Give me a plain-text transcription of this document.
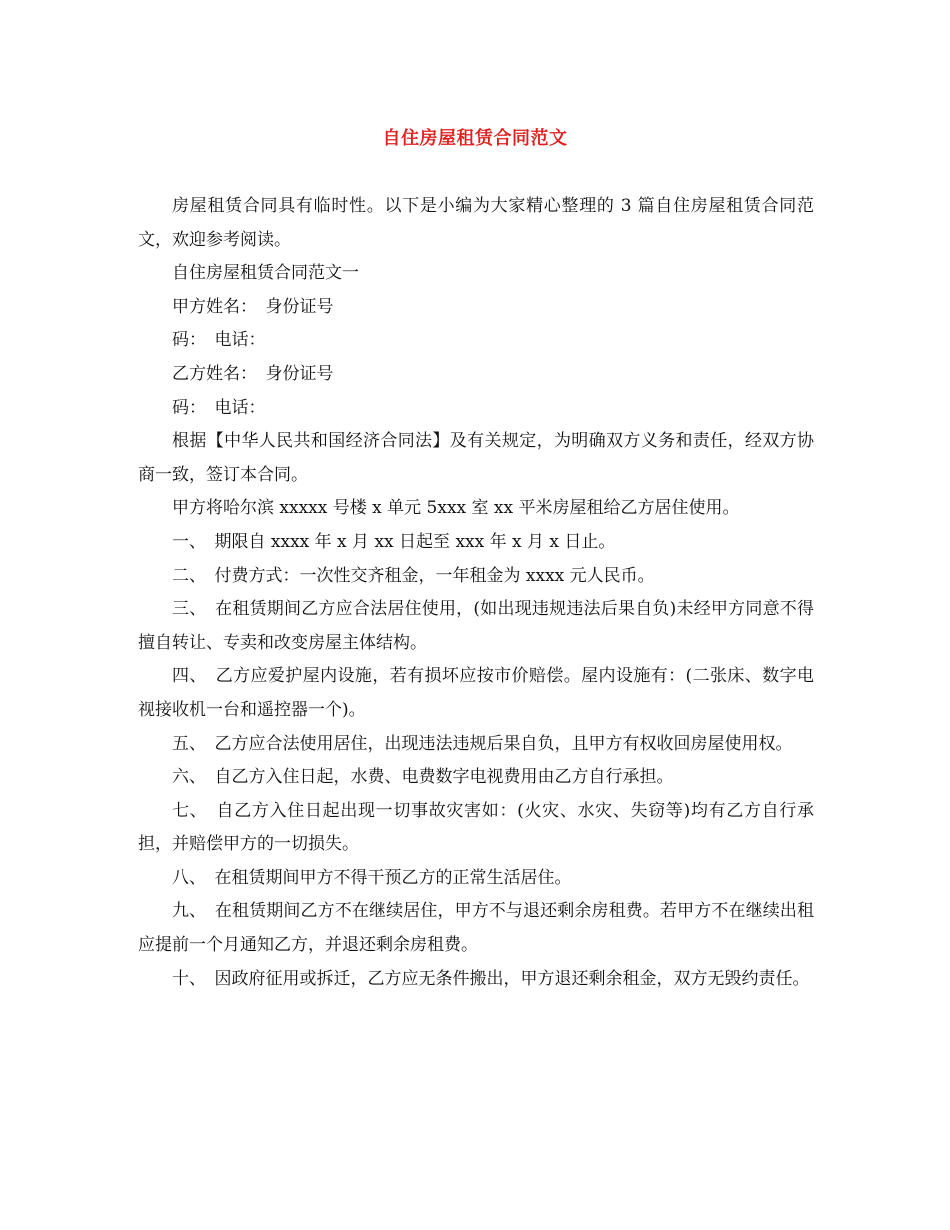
自住房屋租赁合同范文

房屋租赁合同具有临时性。以下是小编为大家精心整理的 3 篇自住房屋租赁合同范文，欢迎参考阅读。

自住房屋租赁合同范文一

甲方姓名：　身份证号

码：　电话：

乙方姓名：　身份证号

码：　电话：

根据【中华人民共和国经济合同法】及有关规定，为明确双方义务和责任，经双方协商一致，签订本合同。

甲方将哈尔滨 xxxxx 号楼 x 单元 5xxx 室 xx 平米房屋租给乙方居住使用。

一、　期限自 xxxx 年 x 月 xx 日起至 xxx 年 x 月 x 日止。

二、　付费方式：一次性交齐租金，一年租金为 xxxx 元人民币。

三、　在租赁期间乙方应合法居住使用，(如出现违规违法后果自负)未经甲方同意不得擅自转让、专卖和改变房屋主体结构。

四、　乙方应爱护屋内设施，若有损坏应按市价赔偿。屋内设施有：(二张床、数字电视接收机一台和遥控器一个)。

五、　乙方应合法使用居住，出现违法违规后果自负，且甲方有权收回房屋使用权。

六、　自乙方入住日起，水费、电费数字电视费用由乙方自行承担。

七、　自乙方入住日起出现一切事故灾害如：(火灾、水灾、失窃等)均有乙方自行承担，并赔偿甲方的一切损失。

八、　在租赁期间甲方不得干预乙方的正常生活居住。

九、　在租赁期间乙方不在继续居住，甲方不与退还剩余房租费。若甲方不在继续出租应提前一个月通知乙方，并退还剩余房租费。

十、　因政府征用或拆迁，乙方应无条件搬出，甲方退还剩余租金，双方无毁约责任。
